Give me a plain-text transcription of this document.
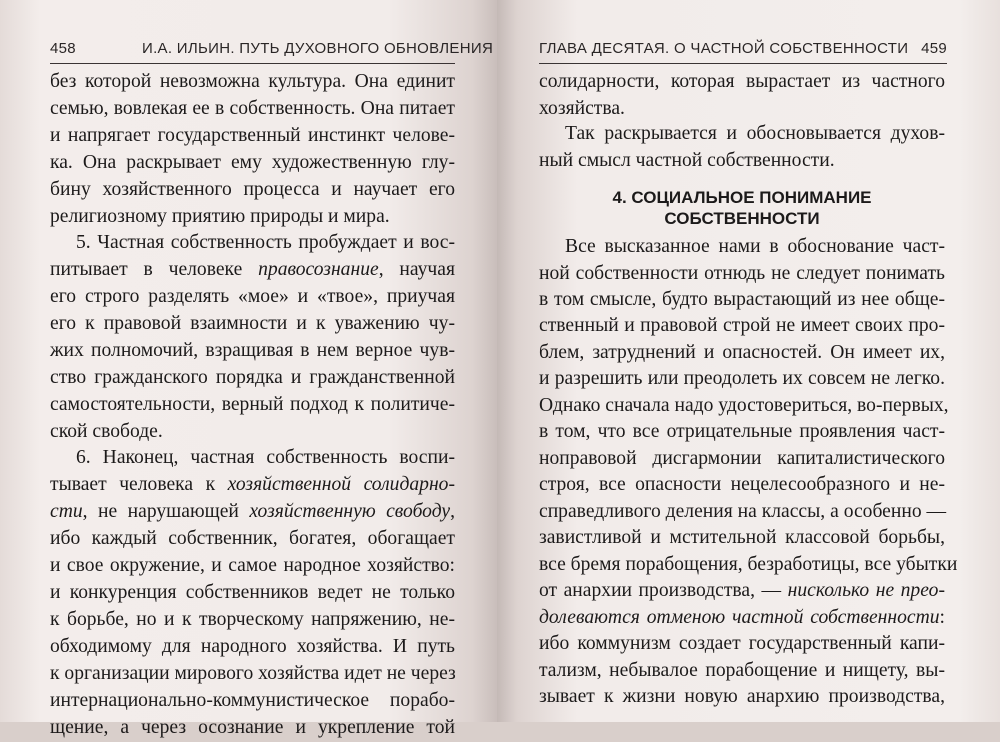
458	И.А. ИЛЬИН. ПУТЬ ДУХОВНОГО ОБНОВЛЕНИЯ
без которой невозможна культура. Она единит
семью, вовлекая ее в собственность. Она питает
и напрягает государственный инстинкт челове-
ка. Она раскрывает ему художественную глу-
бину хозяйственного процесса и научает его
религиозному приятию природы и мира.
5. Частная собственность пробуждает и вос-
питывает в человеке правосознание, научая
его строго разделять «мое» и «твое», приучая
его к правовой взаимности и к уважению чу-
жих полномочий, взращивая в нем верное чув-
ство гражданского порядка и гражданственной
самостоятельности, верный подход к политиче-
ской свободе.
6. Наконец, частная собственность воспи-
тывает человека к хозяйственной солидарно-
сти, не нарушающей хозяйственную свободу,
ибо каждый собственник, богатея, обогащает
и свое окружение, и самое народное хозяйство:
и конкуренция собственников ведет не только
к борьбе, но и к творческому напряжению, не-
обходимому для народного хозяйства. И путь
к организации мирового хозяйства идет не через
интернационально-коммунистическое порабо-
щение, а через осознание и укрепление той
ГЛАВА ДЕСЯТАЯ. О ЧАСТНОЙ СОБСТВЕННОСТИ 459
солидарности, которая вырастает из частного
хозяйства.
Так раскрывается и обосновывается духов-
ный смысл частной собственности.
4. СОЦИАЛЬНОЕ ПОНИМАНИЕ
СОБСТВЕННОСТИ
Все высказанное нами в обоснование част-
ной собственности отнюдь не следует понимать
в том смысле, будто вырастающий из нее обще-
ственный и правовой строй не имеет своих про-
блем, затруднений и опасностей. Он имеет их,
и разрешить или преодолеть их совсем не легко.
Однако сначала надо удостовериться, во-первых,
в том, что все отрицательные проявления част-
ноправовой дисгармонии капиталистического
строя, все опасности нецелесообразного и не-
справедливого деления на классы, а особенно —
завистливой и мстительной классовой борьбы,
все бремя порабощения, безработицы, все убытки
от анархии производства, — нисколько не прео-
долеваются отменою частной собственности:
ибо коммунизм создает государственный капи-
тализм, небывалое порабощение и нищету, вы-
зывает к жизни новую анархию производства,
